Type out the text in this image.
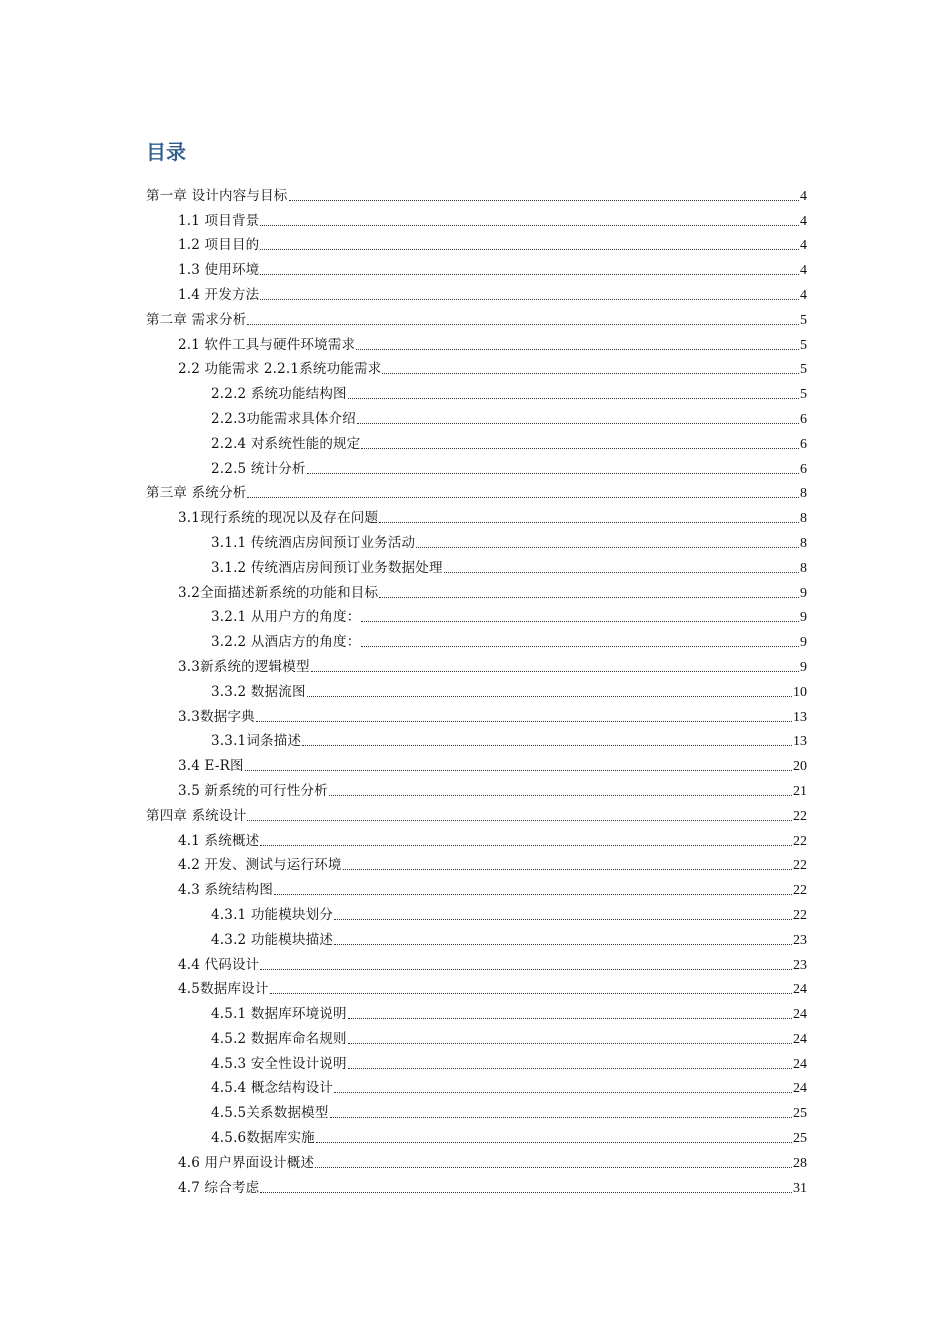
目录
第一章 设计内容与目标	4
1.1 项目背景	4
1.2 项目目的	4
1.3 使用环境	4
1.4 开发方法	4
第二章 需求分析	5
2.1 软件工具与硬件环境需求	5
2.2 功能需求 2.2.1系统功能需求	5
2.2.2 系统功能结构图	5
2.2.3功能需求具体介绍	6
2.2.4 对系统性能的规定	6
2.2.5 统计分析	6
第三章 系统分析	8
3.1现行系统的现况以及存在问题	8
3.1.1 传统酒店房间预订业务活动	8
3.1.2 传统酒店房间预订业务数据处理	8
3.2全面描述新系统的功能和目标	9
3.2.1 从用户方的角度：	9
3.2.2 从酒店方的角度：	9
3.3新系统的逻辑模型	9
3.3.2 数据流图	10
3.3数据字典	13
3.3.1词条描述	13
3.4 E-R图	20
3.5 新系统的可行性分析	21
第四章 系统设计	22
4.1 系统概述	22
4.2 开发、测试与运行环境	22
4.3 系统结构图	22
4.3.1 功能模块划分	22
4.3.2 功能模块描述	23
4.4 代码设计	23
4.5数据库设计	24
4.5.1 数据库环境说明	24
4.5.2 数据库命名规则	24
4.5.3 安全性设计说明	24
4.5.4 概念结构设计	24
4.5.5关系数据模型	25
4.5.6数据库实施	25
4.6 用户界面设计概述	28
4.7 综合考虑	31
